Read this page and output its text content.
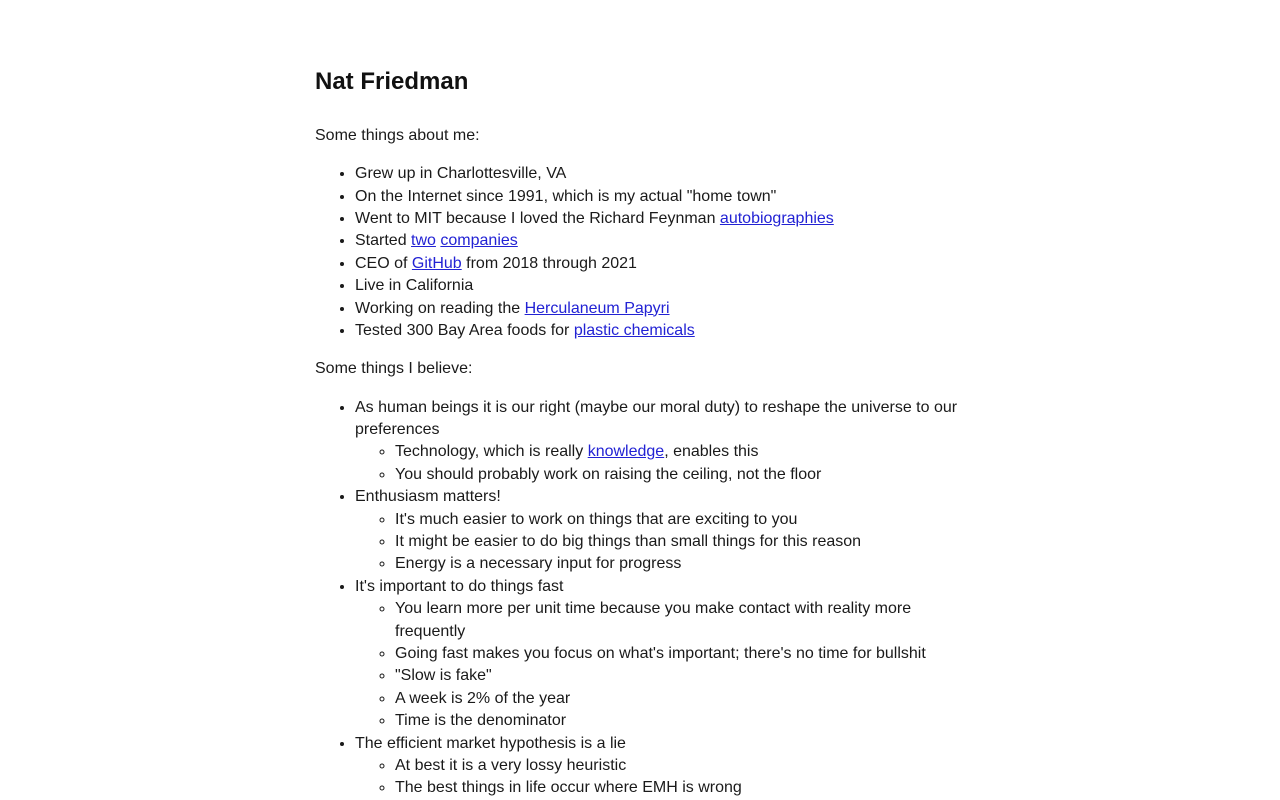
Nat Friedman

Some things about me:

• Grew up in Charlottesville, VA
• On the Internet since 1991, which is my actual "home town"
• Went to MIT because I loved the Richard Feynman autobiographies
• Started two companies
• CEO of GitHub from 2018 through 2021
• Live in California
• Working on reading the Herculaneum Papyri
• Tested 300 Bay Area foods for plastic chemicals

Some things I believe:

• As human beings it is our right (maybe our moral duty) to reshape the universe to our preferences
◦ Technology, which is really knowledge, enables this
◦ You should probably work on raising the ceiling, not the floor
• Enthusiasm matters!
◦ It's much easier to work on things that are exciting to you
◦ It might be easier to do big things than small things for this reason
◦ Energy is a necessary input for progress
• It's important to do things fast
◦ You learn more per unit time because you make contact with reality more frequently
◦ Going fast makes you focus on what's important; there's no time for bullshit
◦ "Slow is fake"
◦ A week is 2% of the year
◦ Time is the denominator
• The efficient market hypothesis is a lie
◦ At best it is a very lossy heuristic
◦ The best things in life occur where EMH is wrong
